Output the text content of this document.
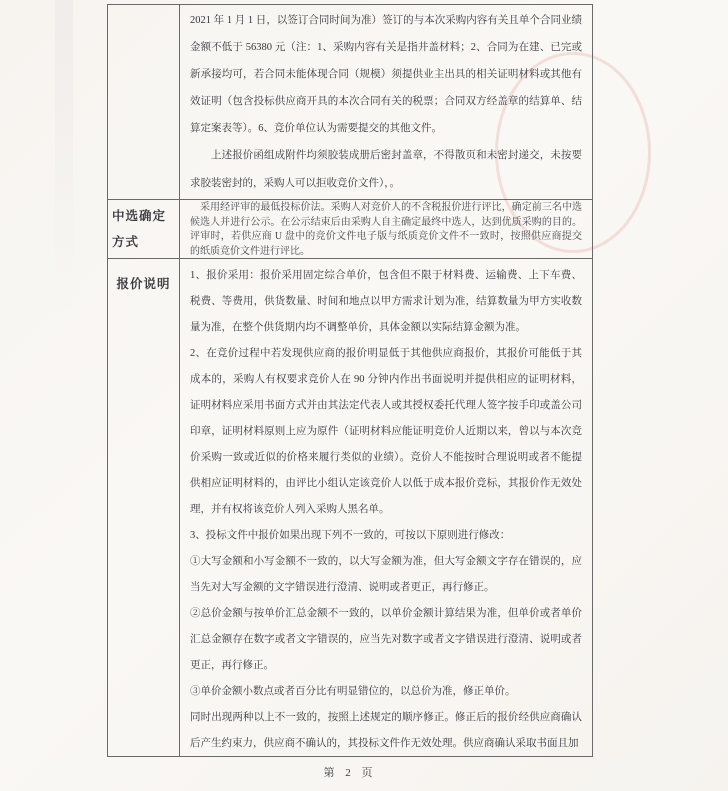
2021 年 1 月 1 日，以签订合同时间为准）签订的与本次采购内容有关且单个合同业绩金额不低于 56380 元（注：1、采购内容有关是指井盖材料；2、合同为在建、已完或新承接均可，若合同未能体现合同（规模）须提供业主出具的相关证明材料或其他有效证明（包含投标供应商开具的本次合同有关的税票；合同双方经盖章的结算单、结算定案表等）。6、竞价单位认为需要提交的其他文件。

上述报价函组成附件均须胶装成册后密封盖章，不得散页和未密封递交，未按要求胶装密封的，采购人可以拒收竞价文件），。

中选确定方式

采用经评审的最低投标价法。采购人对竞价人的不含税报价进行评比，确定前三名中选候选人并进行公示。在公示结束后由采购人自主确定最终中选人，达到优质采购的目的。评审时，若供应商 U 盘中的竞价文件电子版与纸质竞价文件不一致时，按照供应商提交的纸质竞价文件进行评比。

报价说明

1、报价采用：报价采用固定综合单价，包含但不限于材料费、运输费、上下车费、税费、等费用，供货数量、时间和地点以甲方需求计划为准，结算数量为甲方实收数量为准，在整个供货期内均不调整单价，具体金额以实际结算金额为准。

2、在竞价过程中若发现供应商的报价明显低于其他供应商报价，其报价可能低于其成本的，采购人有权要求竞价人在 90 分钟内作出书面说明并提供相应的证明材料，证明材料应采用书面方式并由其法定代表人或其授权委托代理人签字按手印或盖公司印章，证明材料原则上应为原件（证明材料应能证明竞价人近期以来，曾以与本次竞价采购一致或近似的价格来履行类似的业绩）。竞价人不能按时合理说明或者不能提供相应证明材料的，由评比小组认定该竞价人以低于成本报价竞标，其报价作无效处理，并有权将该竞价人列入采购人黑名单。

3、投标文件中报价如果出现下列不一致的，可按以下原则进行修改：

①大写金额和小写金额不一致的，以大写金额为准，但大写金额文字存在错误的，应当先对大写金额的文字错误进行澄清、说明或者更正，再行修正。

②总价金额与按单价汇总金额不一致的，以单价金额计算结果为准，但单价或者单价汇总金额存在数字或者文字错误的，应当先对数字或者文字错误进行澄清、说明或者更正，再行修正。

③单价金额小数点或者百分比有明显错位的，以总价为准，修正单价。

同时出现两种以上不一致的，按照上述规定的顺序修正。修正后的报价经供应商确认后产生约束力，供应商不确认的，其投标文件作无效处理。供应商确认采取书面且加

第 2 页
